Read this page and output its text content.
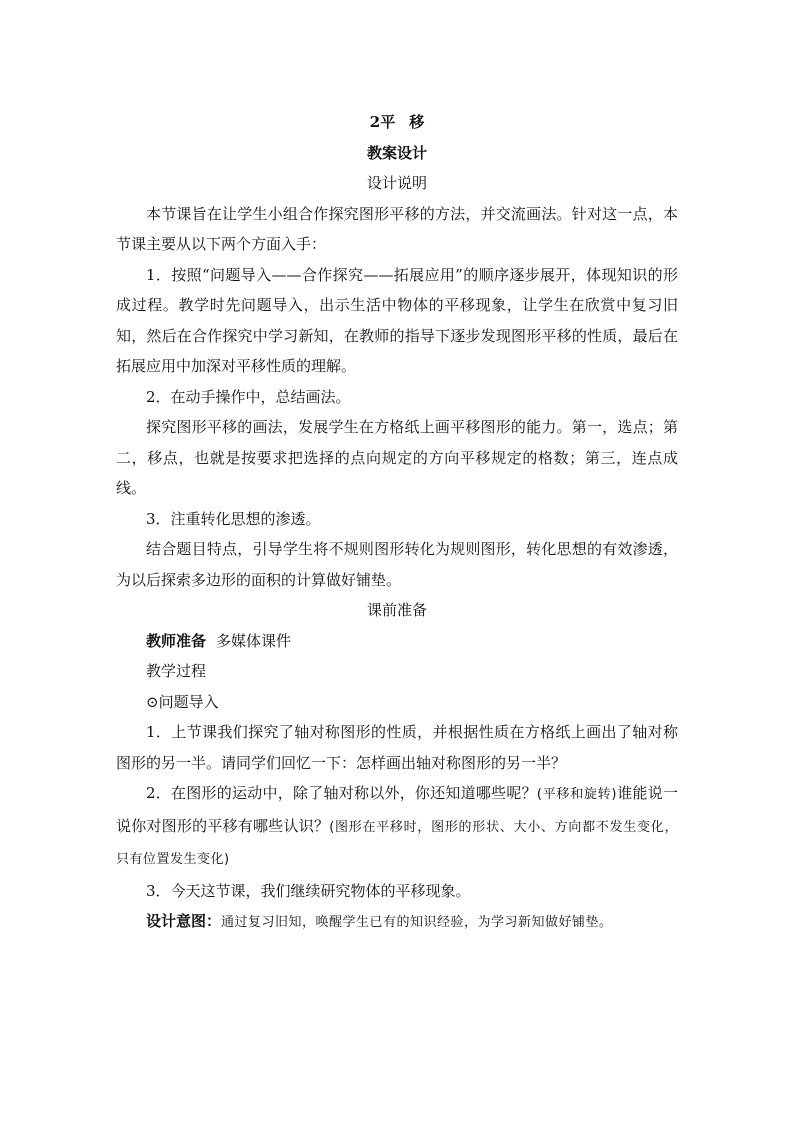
2平 移

教案设计

设计说明

本节课旨在让学生小组合作探究图形平移的方法，并交流画法。针对这一点，本节课主要从以下两个方面入手：

1．按照“问题导入——合作探究——拓展应用”的顺序逐步展开，体现知识的形成过程。教学时先问题导入，出示生活中物体的平移现象，让学生在欣赏中复习旧知，然后在合作探究中学习新知，在教师的指导下逐步发现图形平移的性质，最后在拓展应用中加深对平移性质的理解。

2．在动手操作中，总结画法。

探究图形平移的画法，发展学生在方格纸上画平移图形的能力。第一，选点；第二，移点，也就是按要求把选择的点向规定的方向平移规定的格数；第三，连点成线。

3．注重转化思想的渗透。

结合题目特点，引导学生将不规则图形转化为规则图形，转化思想的有效渗透，为以后探索多边形的面积的计算做好铺垫。

课前准备

教师准备 多媒体课件

教学过程

⊙问题导入

1．上节课我们探究了轴对称图形的性质，并根据性质在方格纸上画出了轴对称图形的另一半。请同学们回忆一下：怎样画出轴对称图形的另一半？

2．在图形的运动中，除了轴对称以外，你还知道哪些呢？(平移和旋转)谁能说一说你对图形的平移有哪些认识？(图形在平移时，图形的形状、大小、方向都不发生变化，只有位置发生变化)

3．今天这节课，我们继续研究物体的平移现象。

设计意图：通过复习旧知，唤醒学生已有的知识经验，为学习新知做好铺垫。
